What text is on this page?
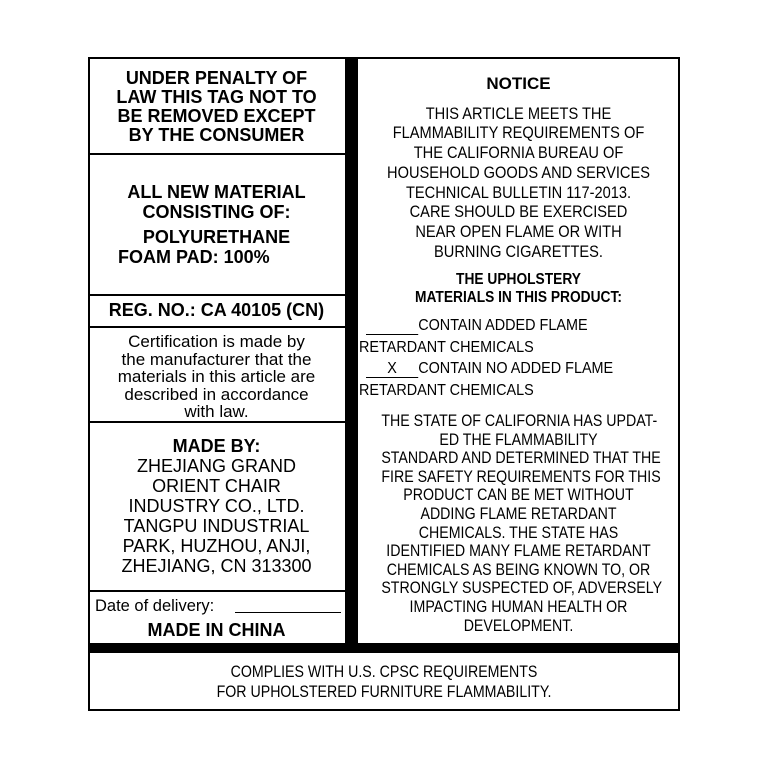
UNDER PENALTY OF
LAW THIS TAG NOT TO
BE REMOVED EXCEPT
BY THE CONSUMER
ALL NEW MATERIAL
CONSISTING OF:
POLYURETHANE
FOAM PAD: 100%
REG. NO.: CA 40105 (CN)
Certification is made by
the manufacturer that the
materials in this article are
described in accordance
with law.
MADE BY:
ZHEJIANG GRAND
ORIENT CHAIR
INDUSTRY CO., LTD.
TANGPU INDUSTRIAL
PARK, HUZHOU, ANJI,
ZHEJIANG, CN 313300
Date of delivery:
MADE IN CHINA
NOTICE
THIS ARTICLE MEETS THE
FLAMMABILITY REQUIREMENTS OF
THE CALIFORNIA BUREAU OF
HOUSEHOLD GOODS AND SERVICES
TECHNICAL BULLETIN 117-2013.
CARE SHOULD BE EXERCISED
NEAR OPEN FLAME OR WITH
BURNING CIGARETTES.
THE UPHOLSTERY
MATERIALS IN THIS PRODUCT:
CONTAIN ADDED FLAME
RETARDANT CHEMICALS
X CONTAIN NO ADDED FLAME
RETARDANT CHEMICALS
THE STATE OF CALIFORNIA HAS UPDAT-
ED THE FLAMMABILITY
STANDARD AND DETERMINED THAT THE
FIRE SAFETY REQUIREMENTS FOR THIS
PRODUCT CAN BE MET WITHOUT
ADDING FLAME RETARDANT
CHEMICALS. THE STATE HAS
IDENTIFIED MANY FLAME RETARDANT
CHEMICALS AS BEING KNOWN TO, OR
STRONGLY SUSPECTED OF, ADVERSELY
IMPACTING HUMAN HEALTH OR
DEVELOPMENT.
COMPLIES WITH U.S. CPSC REQUIREMENTS
FOR UPHOLSTERED FURNITURE FLAMMABILITY.
